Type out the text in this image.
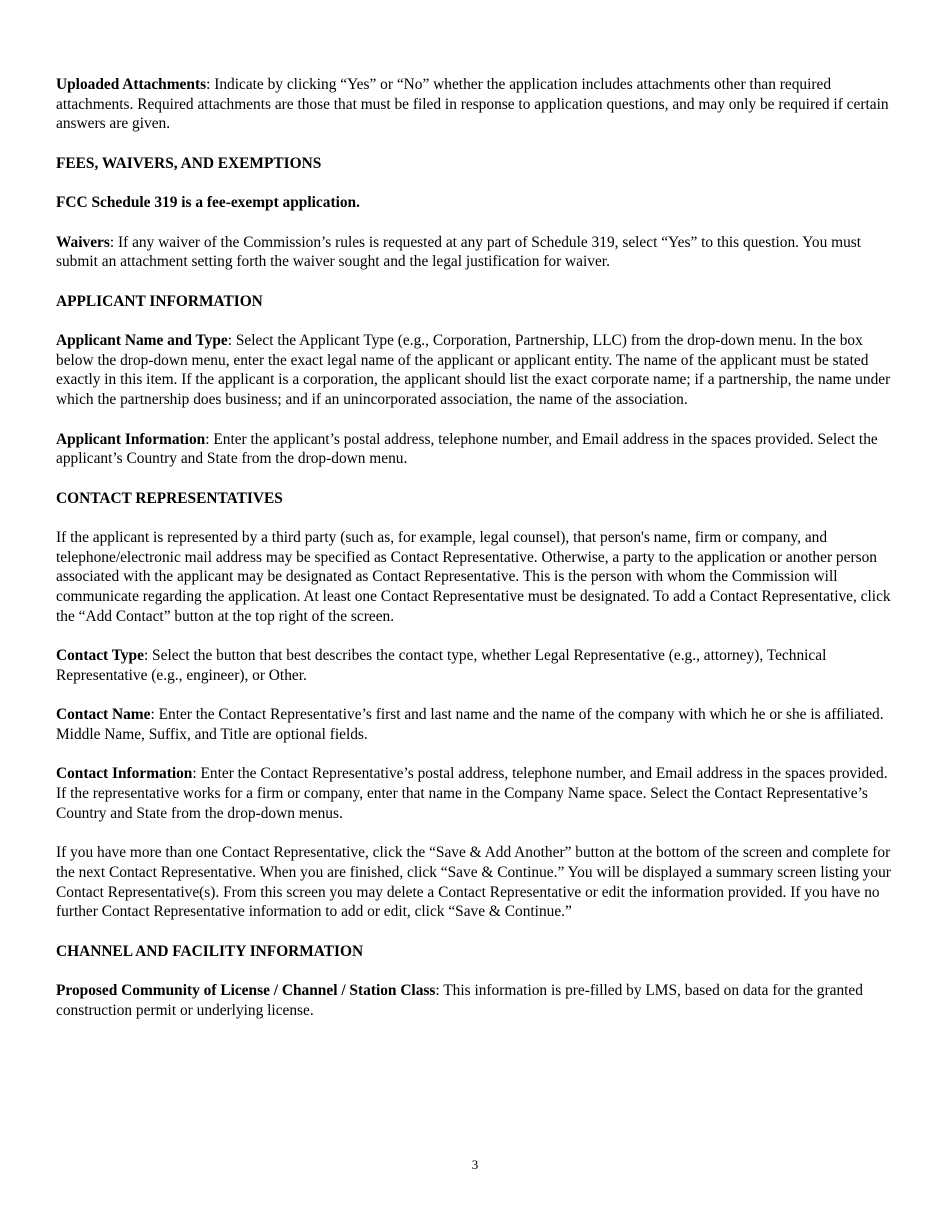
Uploaded Attachments: Indicate by clicking “Yes” or “No” whether the application includes attachments other than required attachments. Required attachments are those that must be filed in response to application questions, and may only be required if certain answers are given.

FEES, WAIVERS, AND EXEMPTIONS

FCC Schedule 319 is a fee-exempt application.

Waivers: If any waiver of the Commission’s rules is requested at any part of Schedule 319, select “Yes” to this question. You must submit an attachment setting forth the waiver sought and the legal justification for waiver.

APPLICANT INFORMATION

Applicant Name and Type: Select the Applicant Type (e.g., Corporation, Partnership, LLC) from the drop-down menu. In the box below the drop-down menu, enter the exact legal name of the applicant or applicant entity. The name of the applicant must be stated exactly in this item. If the applicant is a corporation, the applicant should list the exact corporate name; if a partnership, the name under which the partnership does business; and if an unincorporated association, the name of the association.

Applicant Information: Enter the applicant’s postal address, telephone number, and Email address in the spaces provided. Select the applicant’s Country and State from the drop-down menu.

CONTACT REPRESENTATIVES

If the applicant is represented by a third party (such as, for example, legal counsel), that person's name, firm or company, and telephone/electronic mail address may be specified as Contact Representative. Otherwise, a party to the application or another person associated with the applicant may be designated as Contact Representative. This is the person with whom the Commission will communicate regarding the application. At least one Contact Representative must be designated. To add a Contact Representative, click the “Add Contact” button at the top right of the screen.

Contact Type: Select the button that best describes the contact type, whether Legal Representative (e.g., attorney), Technical Representative (e.g., engineer), or Other.

Contact Name: Enter the Contact Representative’s first and last name and the name of the company with which he or she is affiliated. Middle Name, Suffix, and Title are optional fields.

Contact Information: Enter the Contact Representative’s postal address, telephone number, and Email address in the spaces provided. If the representative works for a firm or company, enter that name in the Company Name space. Select the Contact Representative’s Country and State from the drop-down menus.

If you have more than one Contact Representative, click the “Save & Add Another” button at the bottom of the screen and complete for the next Contact Representative. When you are finished, click “Save & Continue.” You will be displayed a summary screen listing your Contact Representative(s). From this screen you may delete a Contact Representative or edit the information provided. If you have no further Contact Representative information to add or edit, click “Save & Continue.”

CHANNEL AND FACILITY INFORMATION

Proposed Community of License / Channel / Station Class: This information is pre-filled by LMS, based on data for the granted construction permit or underlying license.

3
